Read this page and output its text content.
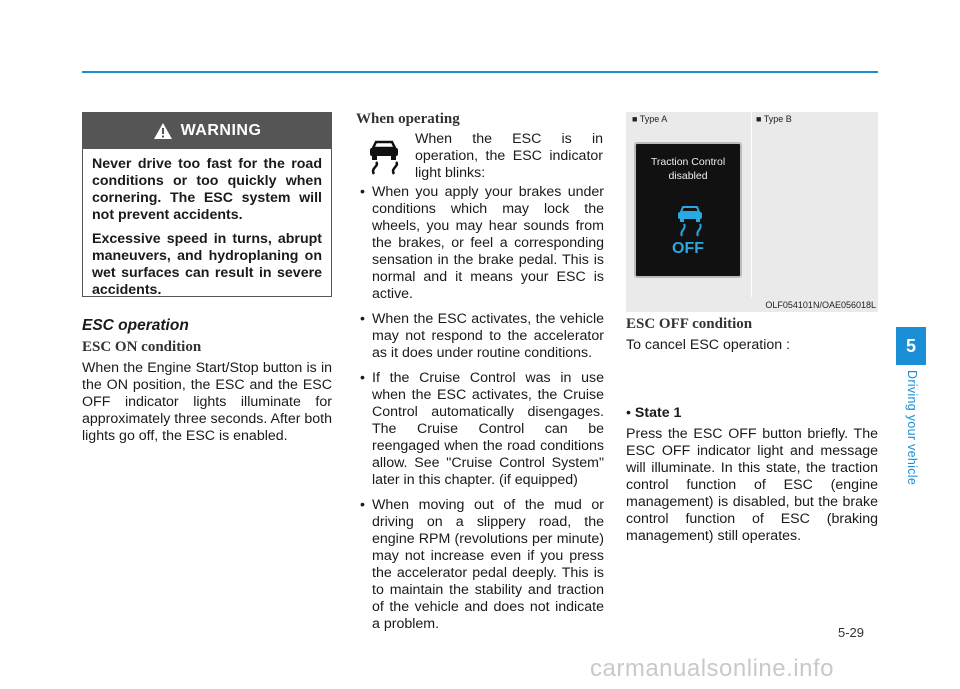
WARNING

Never drive too fast for the road conditions or too quickly when cornering. The ESC system will not prevent accidents.

Excessive speed in turns, abrupt maneuvers, and hydroplaning on wet surfaces can result in severe accidents.

ESC operation
ESC ON condition
When the Engine Start/Stop button is in the ON position, the ESC and the ESC OFF indicator lights illuminate for approximately three seconds. After both lights go off, the ESC is enabled.
When operating
When the ESC is in operation, the ESC indicator light blinks:
• When you apply your brakes under conditions which may lock the wheels, you may hear sounds from the brakes, or feel a corresponding sensation in the brake pedal. This is normal and it means your ESC is active.
• When the ESC activates, the vehicle may not respond to the accelerator as it does under routine conditions.
• If the Cruise Control was in use when the ESC activates, the Cruise Control automatically disengages. The Cruise Control can be reengaged when the road conditions allow. See "Cruise Control System" later in this chapter. (if equipped)
• When moving out of the mud or driving on a slippery road, the engine RPM (revolutions per minute) may not increase even if you press the accelerator pedal deeply. This is to maintain the stability and traction of the vehicle and does not indicate a problem.
■ Type A	■ Type B
Traction Control
disabled
OFF
OLF054101N/OAE056018L
ESC OFF condition
To cancel ESC operation :
• State 1
Press the ESC OFF button briefly. The ESC OFF indicator light and message will illuminate. In this state, the traction control function of ESC (engine management) is disabled, but the brake control function of ESC (braking management) still operates.
5
Driving your vehicle
5-29
carmanualsonline.info
